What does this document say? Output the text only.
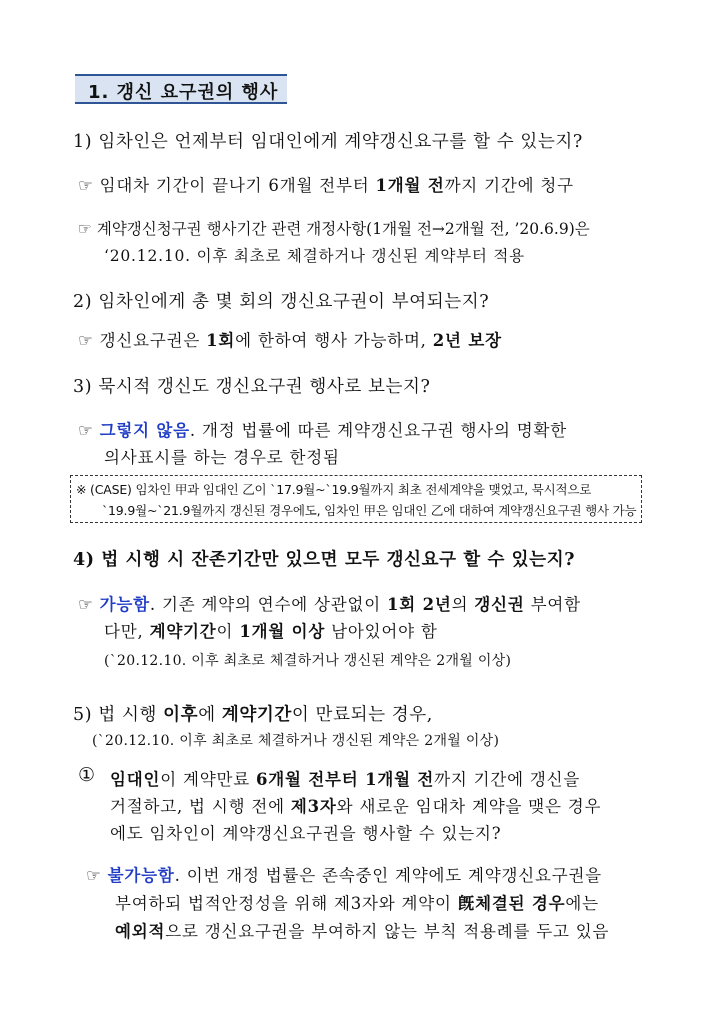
1. 갱신 요구권의 행사
1) 임차인은 언제부터 임대인에게 계약갱신요구를 할 수 있는지?
☞ 임대차 기간이 끝나기 6개월 전부터 1개월 전까지 기간에 청구
☞ 계약갱신청구권 행사기간 관련 개정사항(1개월 전→2개월 전, ’20.6.9)은
‘20.12.10. 이후 최초로 체결하거나 갱신된 계약부터 적용
2) 임차인에게 총 몇 회의 갱신요구권이 부여되는지?
☞ 갱신요구권은 1회에 한하여 행사 가능하며, 2년 보장
3) 묵시적 갱신도 갱신요구권 행사로 보는지?
☞ 그렇지 않음. 개정 법률에 따른 계약갱신요구권 행사의 명확한
의사표시를 하는 경우로 한정됨
※ (CASE) 임차인 甲과 임대인 乙이 `17.9월~`19.9월까지 최초 전세계약을 맺었고, 묵시적으로
`19.9월~`21.9월까지 갱신된 경우에도, 임차인 甲은 임대인 乙에 대하여 계약갱신요구권 행사 가능
4) 법 시행 시 잔존기간만 있으면 모두 갱신요구 할 수 있는지?
☞ 가능함. 기존 계약의 연수에 상관없이 1회 2년의 갱신권 부여함
다만, 계약기간이 1개월 이상 남아있어야 함
(`20.12.10. 이후 최초로 체결하거나 갱신된 계약은 2개월 이상)
5) 법 시행 이후에 계약기간이 만료되는 경우,
(`20.12.10. 이후 최초로 체결하거나 갱신된 계약은 2개월 이상)
① 임대인이 계약만료 6개월 전부터 1개월 전까지 기간에 갱신을
거절하고, 법 시행 전에 제3자와 새로운 임대차 계약을 맺은 경우
에도 임차인이 계약갱신요구권을 행사할 수 있는지?
☞ 불가능함. 이번 개정 법률은 존속중인 계약에도 계약갱신요구권을
부여하되 법적안정성을 위해 제3자와 계약이 旣체결된 경우에는
예외적으로 갱신요구권을 부여하지 않는 부칙 적용례를 두고 있음
